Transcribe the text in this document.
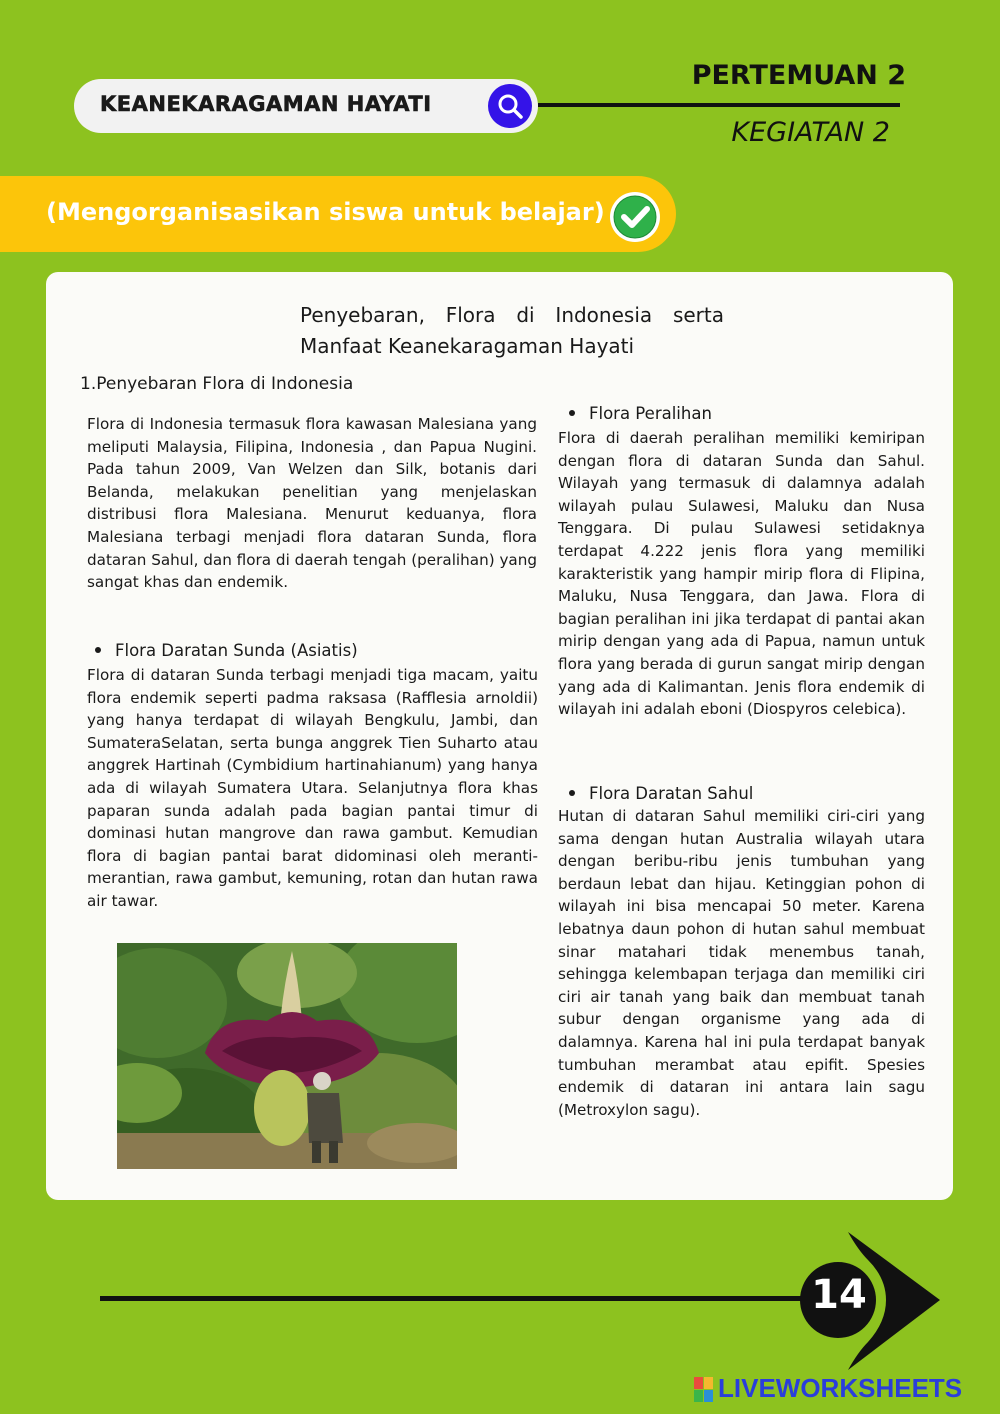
KEANEKARAGAMAN HAYATI
PERTEMUAN 2
KEGIATAN 2
(Mengorganisasikan siswa untuk belajar)
Penyebaran, Flora di Indonesia serta Manfaat Keanekaragaman Hayati
1.Penyebaran Flora di Indonesia
Flora di Indonesia termasuk flora kawasan Malesiana yang meliputi Malaysia, Filipina, Indonesia , dan Papua Nugini. Pada tahun 2009, Van Welzen dan Silk, botanis dari Belanda, melakukan penelitian yang menjelaskan distribusi flora Malesiana. Menurut keduanya, flora Malesiana terbagi menjadi flora dataran Sunda, flora dataran Sahul, dan flora di daerah tengah (peralihan) yang sangat khas dan endemik.
Flora Daratan Sunda (Asiatis)
Flora di dataran Sunda terbagi menjadi tiga macam, yaitu flora endemik seperti padma raksasa (Rafflesia arnoldii) yang hanya terdapat di wilayah Bengkulu, Jambi, dan SumateraSelatan, serta bunga anggrek Tien Suharto atau anggrek Hartinah (Cymbidium hartinahianum) yang hanya ada di wilayah Sumatera Utara. Selanjutnya flora khas paparan sunda adalah pada bagian pantai timur di dominasi hutan mangrove dan rawa gambut. Kemudian flora di bagian pantai barat didominasi oleh meranti-merantian, rawa gambut, kemuning, rotan dan hutan rawa air tawar.
Flora Peralihan
Flora di daerah peralihan memiliki kemiripan dengan flora di dataran Sunda dan Sahul. Wilayah yang termasuk di dalamnya adalah wilayah pulau Sulawesi, Maluku dan Nusa Tenggara. Di pulau Sulawesi setidaknya terdapat 4.222 jenis flora yang memiliki karakteristik yang hampir mirip flora di Flipina, Maluku, Nusa Tenggara, dan Jawa. Flora di bagian peralihan ini jika terdapat di pantai akan mirip dengan yang ada di Papua, namun untuk flora yang berada di gurun sangat mirip dengan yang ada di Kalimantan. Jenis flora endemik di wilayah ini adalah eboni (Diospyros celebica).
Flora Daratan Sahul
Hutan di dataran Sahul memiliki ciri-ciri yang sama dengan hutan Australia wilayah utara dengan beribu-ribu jenis tumbuhan yang berdaun lebat dan hijau. Ketinggian pohon di wilayah ini bisa mencapai 50 meter. Karena lebatnya daun pohon di hutan sahul membuat sinar matahari tidak menembus tanah, sehingga kelembapan terjaga dan memiliki ciri ciri air tanah yang baik dan membuat tanah subur dengan organisme yang ada di dalamnya. Karena hal ini pula terdapat banyak tumbuhan merambat atau epifit. Spesies endemik di dataran ini antara lain sagu (Metroxylon sagu).
14
LIVEWORKSHEETS
